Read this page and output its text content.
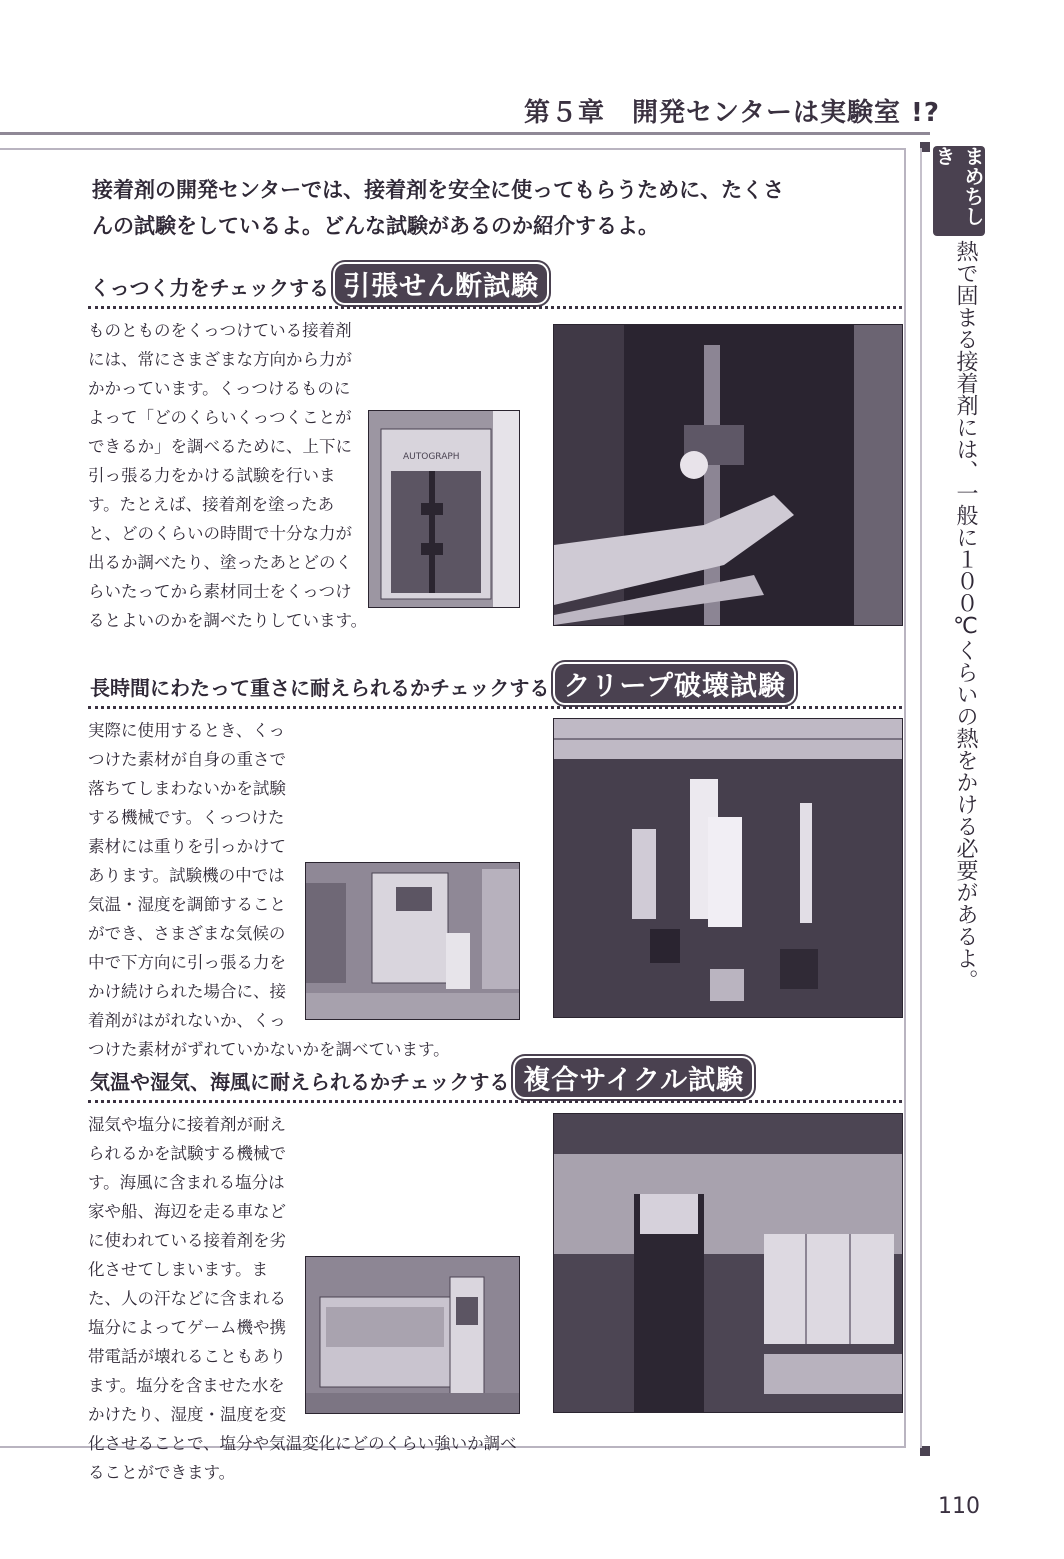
第５章　開発センターは実験室 !?
接着剤の開発センターでは、接着剤を安全に使ってもらうために、たくさんの試験をしているよ。どんな試験があるのか紹介するよ。
くっつく力をチェックする 引張せん断試験
ものとものをくっつけている接着剤には、常にさまざまな方向から力がかかっています。くっつけるものによって「どのくらいくっつくことができるか」を調べるために、上下に引っ張る力をかける試験を行います。たとえば、接着剤を塗ったあと、どのくらいの時間で十分な力が出るか調べたり、塗ったあとどのくらいたってから素材同士をくっつけるとよいのかを調べたりしています。
AUTOGRAPH
長時間にわたって重さに耐えられるかチェックする クリープ破壊試験
実際に使用するとき、くっつけた素材が自身の重さで落ちてしまわないかを試験する機械です。くっつけた素材には重りを引っかけてあります。試験機の中では気温・湿度を調節することができ、さまざまな気候の中で下方向に引っ張る力をかけ続けられた場合に、接着剤がはがれないか、くっつけた素材がずれていかないかを調べています。
気温や湿気、海風に耐えられるかチェックする 複合サイクル試験
湿気や塩分に接着剤が耐えられるかを試験する機械です。海風に含まれる塩分は家や船、海辺を走る車などに使われている接着剤を劣化させてしまいます。また、人の汗などに含まれる塩分によってゲーム機や携帯電話が壊れることもあります。塩分を含ませた水をかけたり、湿度・温度を変化させることで、塩分や気温変化にどのくらい強いか調べることができます。
まめちしき
熱で固まる接着剤には、一般に１００℃くらいの熱をかける必要があるよ。
110
